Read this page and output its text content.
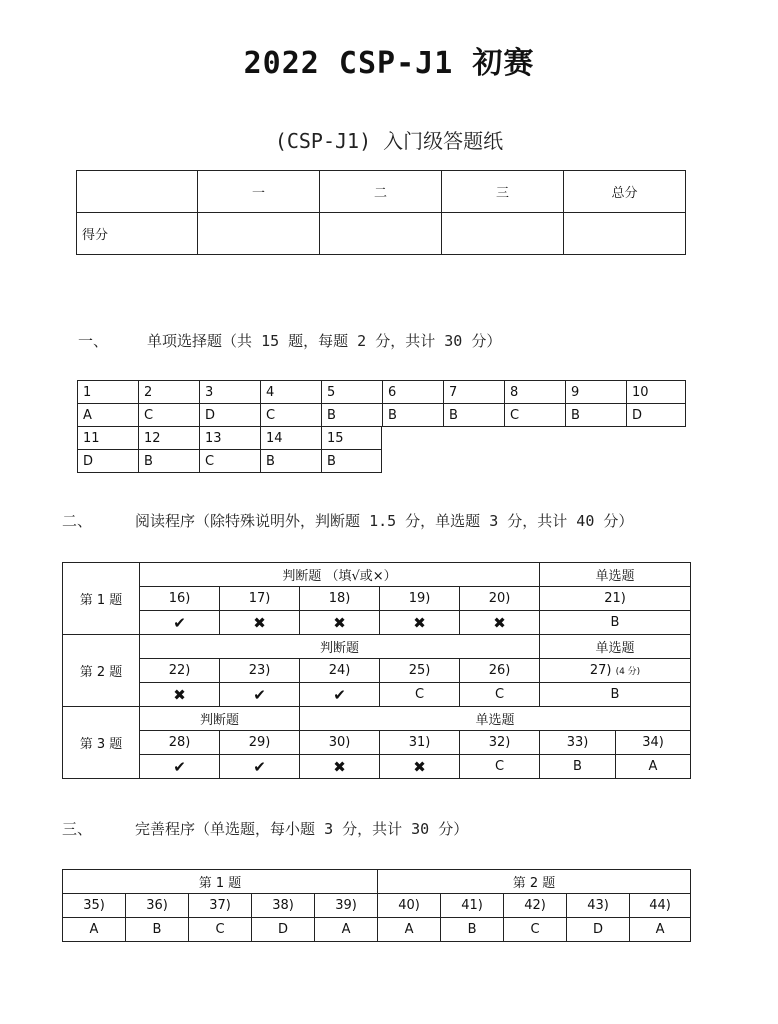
2022 CSP-J1 初赛
(CSP-J1) 入门级答题纸
	一	二	三	总分
得分				
一、	单项选择题（共 15 题，每题 2 分，共计 30 分）
1	2	3	4	5	6	7	8	9	10
A	C	D	C	B	B	B	C	B	D
11	12	13	14	15
D	B	C	B	B
二、	阅读程序（除特殊说明外，判断题 1.5 分，单选题 3 分，共计 40 分）
第 1 题	判断题 （填√或×）					单选题	
	16)	17)	18)	19)	20)	21)	
	✔	✖	✖	✖	✖	B	
第 2 题	判断题					单选题	
	22)	23)	24)	25)	26)	27) (4 分)	
	✖	✔	✔	C	C	B	
第 3 题	判断题		单选题				
	28)	29)	30)	31)	32)	33)	34)
	✔	✔	✖	✖	C	B	A
三、	完善程序（单选题，每小题 3 分，共计 30 分）
第 1 题					第 2 题				
35)	36)	37)	38)	39)	40)	41)	42)	43)	44)
A	B	C	D	A	A	B	C	D	A
